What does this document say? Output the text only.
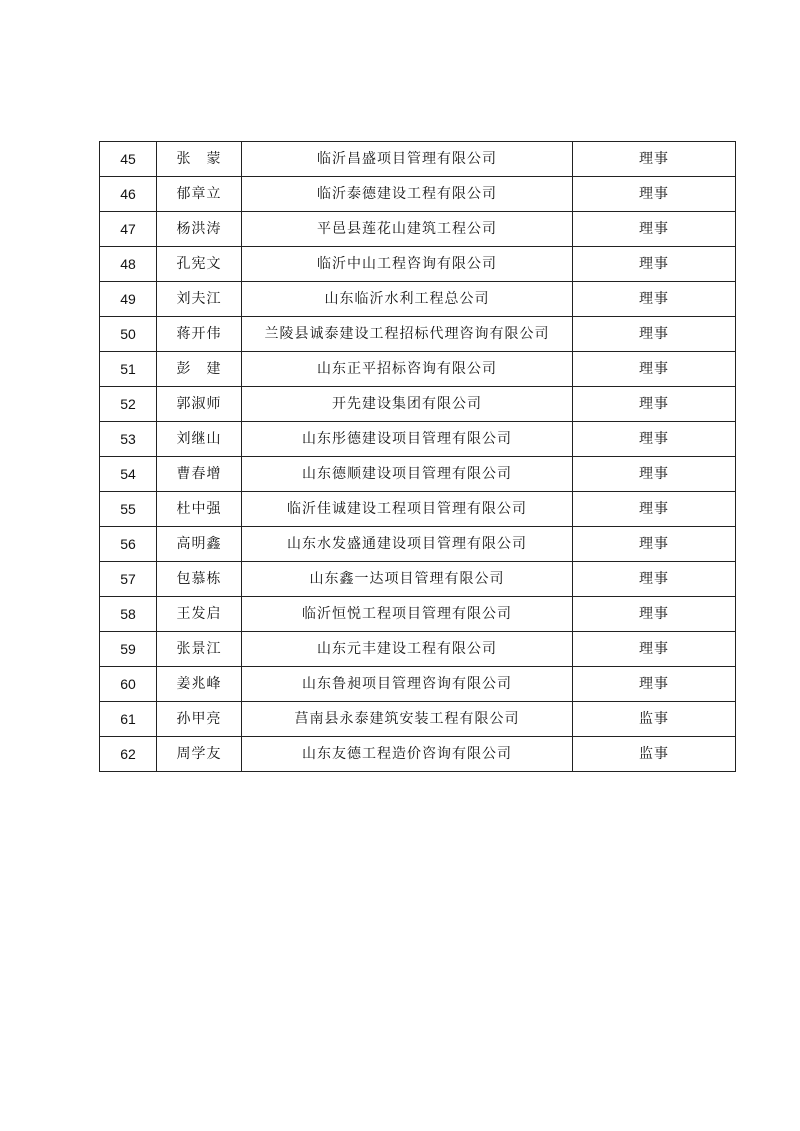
45	张　蒙	临沂昌盛项目管理有限公司	理事
46	郁章立	临沂泰德建设工程有限公司	理事
47	杨洪涛	平邑县莲花山建筑工程公司	理事
48	孔宪文	临沂中山工程咨询有限公司	理事
49	刘夫江	山东临沂水利工程总公司	理事
50	蒋开伟	兰陵县诚泰建设工程招标代理咨询有限公司	理事
51	彭　建	山东正平招标咨询有限公司	理事
52	郭淑师	开先建设集团有限公司	理事
53	刘继山	山东彤德建设项目管理有限公司	理事
54	曹春增	山东德顺建设项目管理有限公司	理事
55	杜中强	临沂佳诚建设工程项目管理有限公司	理事
56	高明鑫	山东水发盛通建设项目管理有限公司	理事
57	包慕栋	山东鑫一达项目管理有限公司	理事
58	王发启	临沂恒悦工程项目管理有限公司	理事
59	张景江	山东元丰建设工程有限公司	理事
60	姜兆峰	山东鲁昶项目管理咨询有限公司	理事
61	孙甲亮	莒南县永泰建筑安装工程有限公司	监事
62	周学友	山东友德工程造价咨询有限公司	监事
